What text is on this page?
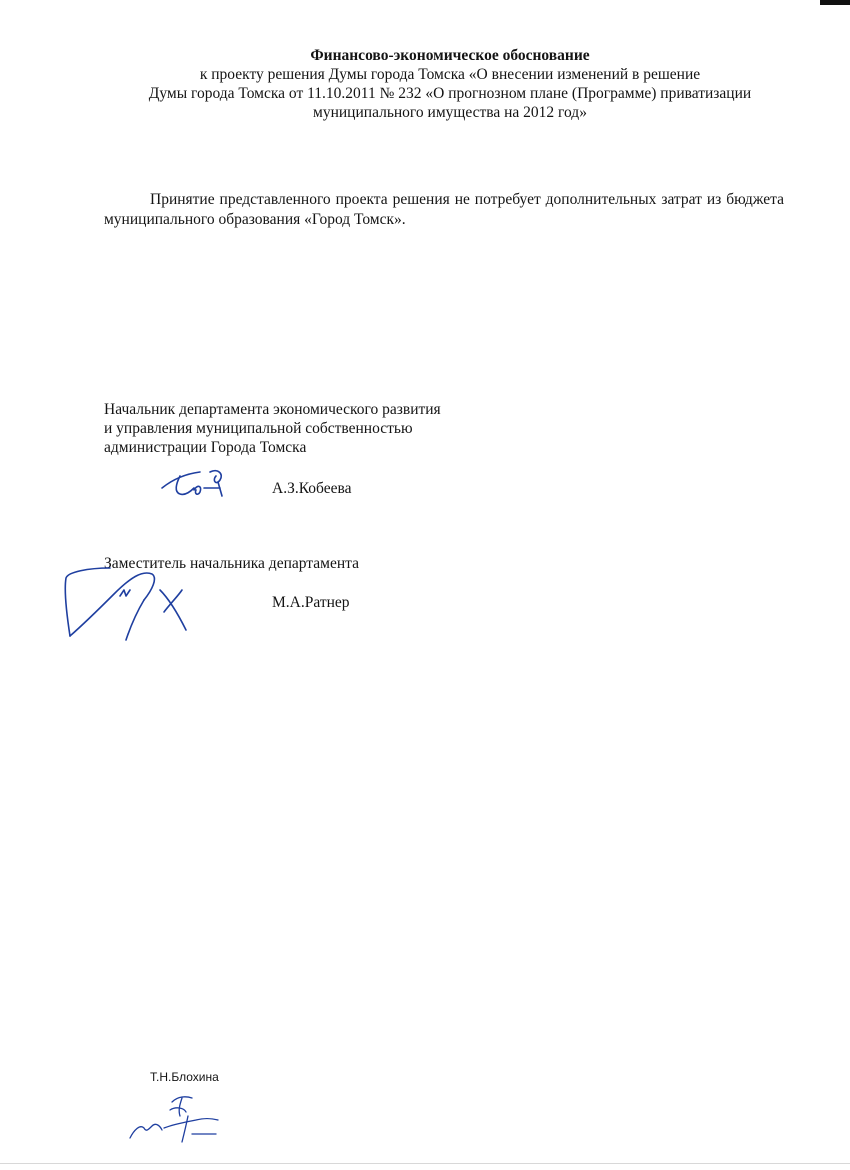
Финансово-экономическое обоснование
к проекту решения Думы города Томска «О внесении изменений в решение
Думы города Томска от 11.10.2011 № 232 «О прогнозном плане (Программе) приватизации
муниципального имущества на 2012 год»
Принятие представленного проекта решения не потребует дополнительных затрат из бюджета муниципального образования «Город Томск».
Начальник департамента экономического развития
и управления муниципальной собственностью
администрации Города Томска
А.З.Кобеева
Заместитель начальника департамента
М.А.Ратнер
Т.Н.Блохина
